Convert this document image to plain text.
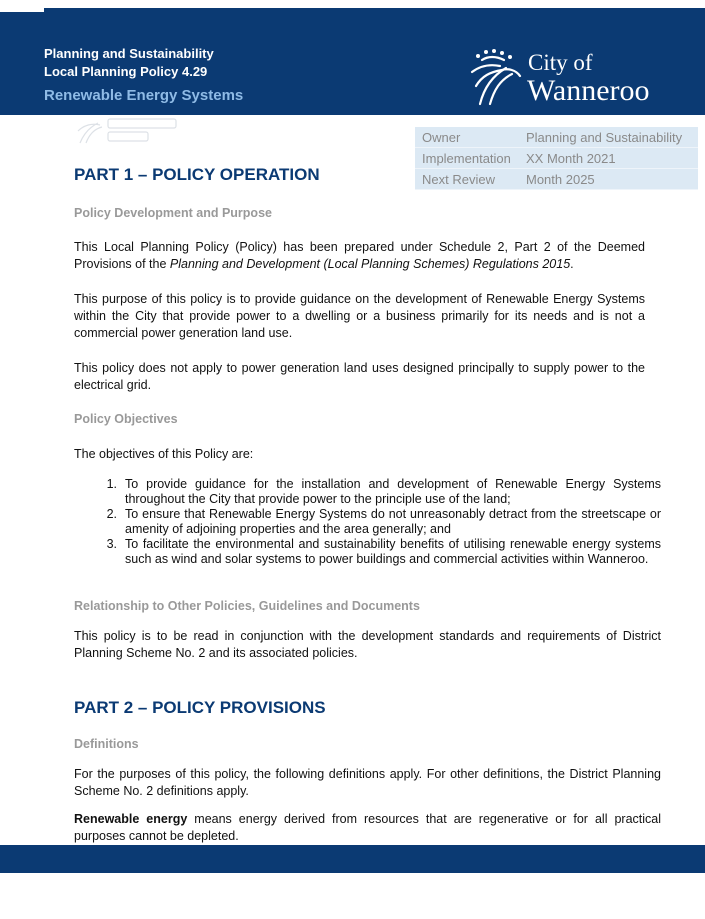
Planning and Sustainability
Local Planning Policy 4.29
Renewable Energy Systems
City of
Wanneroo
Owner	Planning and Sustainability
Implementation	XX Month 2021
Next Review	Month 2025
PART 1 – POLICY OPERATION
Policy Development and Purpose
This Local Planning Policy (Policy) has been prepared under Schedule 2, Part 2 of the Deemed Provisions of the Planning and Development (Local Planning Schemes) Regulations 2015.
This purpose of this policy is to provide guidance on the development of Renewable Energy Systems within the City that provide power to a dwelling or a business primarily for its needs and is not a commercial power generation land use.
This policy does not apply to power generation land uses designed principally to supply power to the electrical grid.
Policy Objectives
The objectives of this Policy are:
1. To provide guidance for the installation and development of Renewable Energy Systems throughout the City that provide power to the principle use of the land;
2. To ensure that Renewable Energy Systems do not unreasonably detract from the streetscape or amenity of adjoining properties and the area generally; and
3. To facilitate the environmental and sustainability benefits of utilising renewable energy systems such as wind and solar systems to power buildings and commercial activities within Wanneroo.
Relationship to Other Policies, Guidelines and Documents
This policy is to be read in conjunction with the development standards and requirements of District Planning Scheme No. 2 and its associated policies.
PART 2 – POLICY PROVISIONS
Definitions
For the purposes of this policy, the following definitions apply. For other definitions, the District Planning Scheme No. 2 definitions apply.
Renewable energy means energy derived from resources that are regenerative or for all practical purposes cannot be depleted.
